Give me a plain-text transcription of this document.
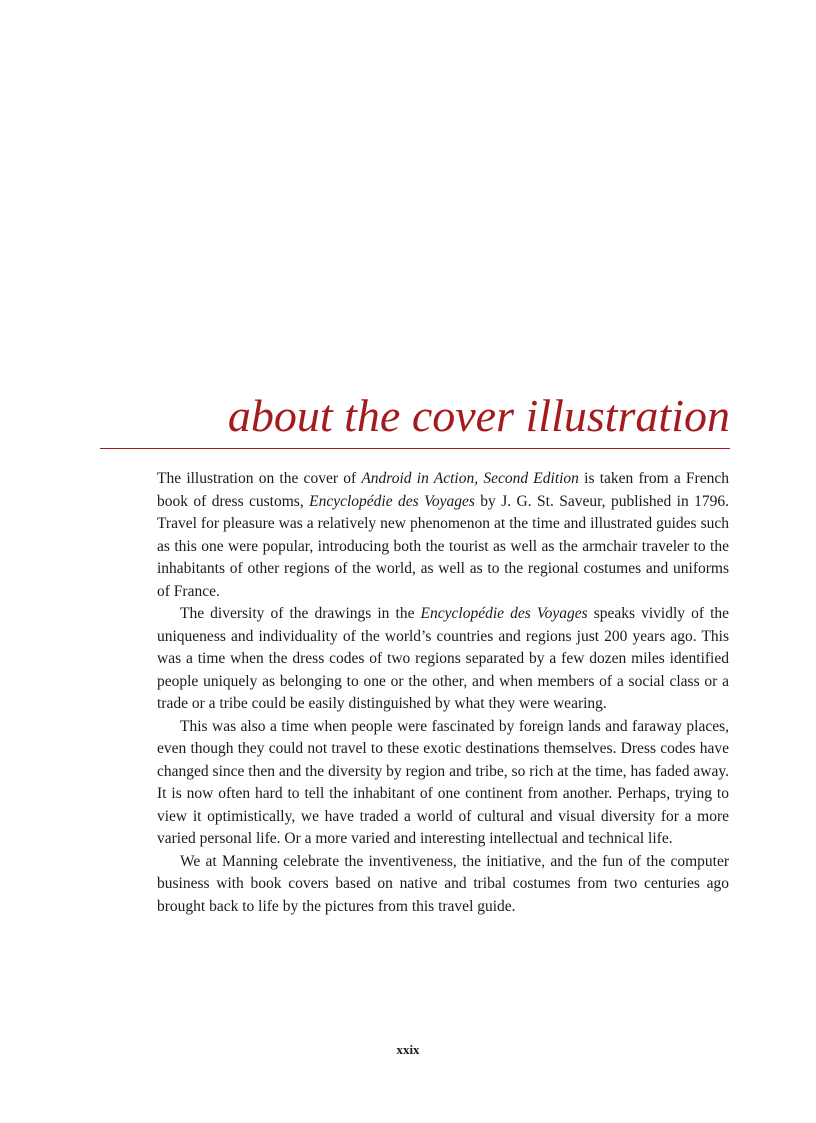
about the cover illustration

The illustration on the cover of Android in Action, Second Edition is taken from a French book of dress customs, Encyclopédie des Voyages by J. G. St. Saveur, published in 1796. Travel for pleasure was a relatively new phenomenon at the time and illustrated guides such as this one were popular, introducing both the tourist as well as the armchair traveler to the inhabitants of other regions of the world, as well as to the regional costumes and uniforms of France.

The diversity of the drawings in the Encyclopédie des Voyages speaks vividly of the uniqueness and individuality of the world’s countries and regions just 200 years ago. This was a time when the dress codes of two regions separated by a few dozen miles identified people uniquely as belonging to one or the other, and when members of a social class or a trade or a tribe could be easily distinguished by what they were wearing.

This was also a time when people were fascinated by foreign lands and faraway places, even though they could not travel to these exotic destinations themselves. Dress codes have changed since then and the diversity by region and tribe, so rich at the time, has faded away. It is now often hard to tell the inhabitant of one continent from another. Perhaps, trying to view it optimistically, we have traded a world of cultural and visual diversity for a more varied personal life. Or a more varied and interesting intellectual and technical life.

We at Manning celebrate the inventiveness, the initiative, and the fun of the computer business with book covers based on native and tribal costumes from two centuries ago brought back to life by the pictures from this travel guide.

xxix
